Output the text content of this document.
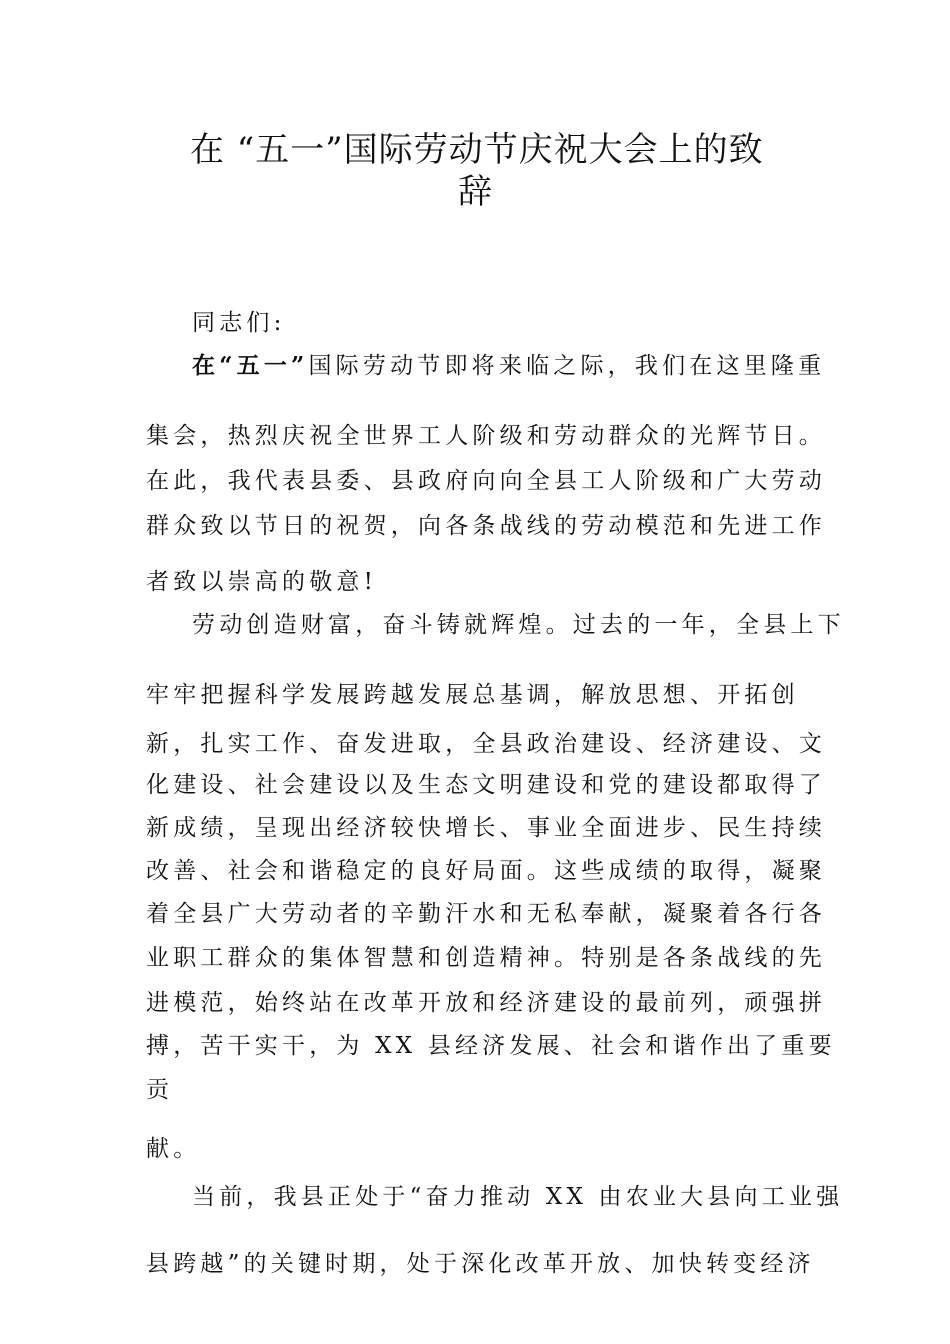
在 “五一”国际劳动节庆祝大会上的致
辞
同志们:
在“五一”国际劳动节即将来临之际，我们在这里隆重
集会，热烈庆祝全世界工人阶级和劳动群众的光辉节日。
在此，我代表县委、县政府向向全县工人阶级和广大劳动
群众致以节日的祝贺，向各条战线的劳动模范和先进工作
者致以崇高的敬意!
劳动创造财富，奋斗铸就辉煌。过去的一年，全县上下
牢牢把握科学发展跨越发展总基调，解放思想、开拓创
新，扎实工作、奋发进取，全县政治建设、经济建设、文
化建设、社会建设以及生态文明建设和党的建设都取得了
新成绩，呈现出经济较快增长、事业全面进步、民生持续
改善、社会和谐稳定的良好局面。这些成绩的取得，凝聚
着全县广大劳动者的辛勤汗水和无私奉献，凝聚着各行各
业职工群众的集体智慧和创造精神。特别是各条战线的先
进模范，始终站在改革开放和经济建设的最前列，顽强拼
搏，苦干实干，为 XX 县经济发展、社会和谐作出了重要
贡
献。
当前，我县正处于“奋力推动 XX 由农业大县向工业强
县跨越”的关键时期，处于深化改革开放、加快转变经济
